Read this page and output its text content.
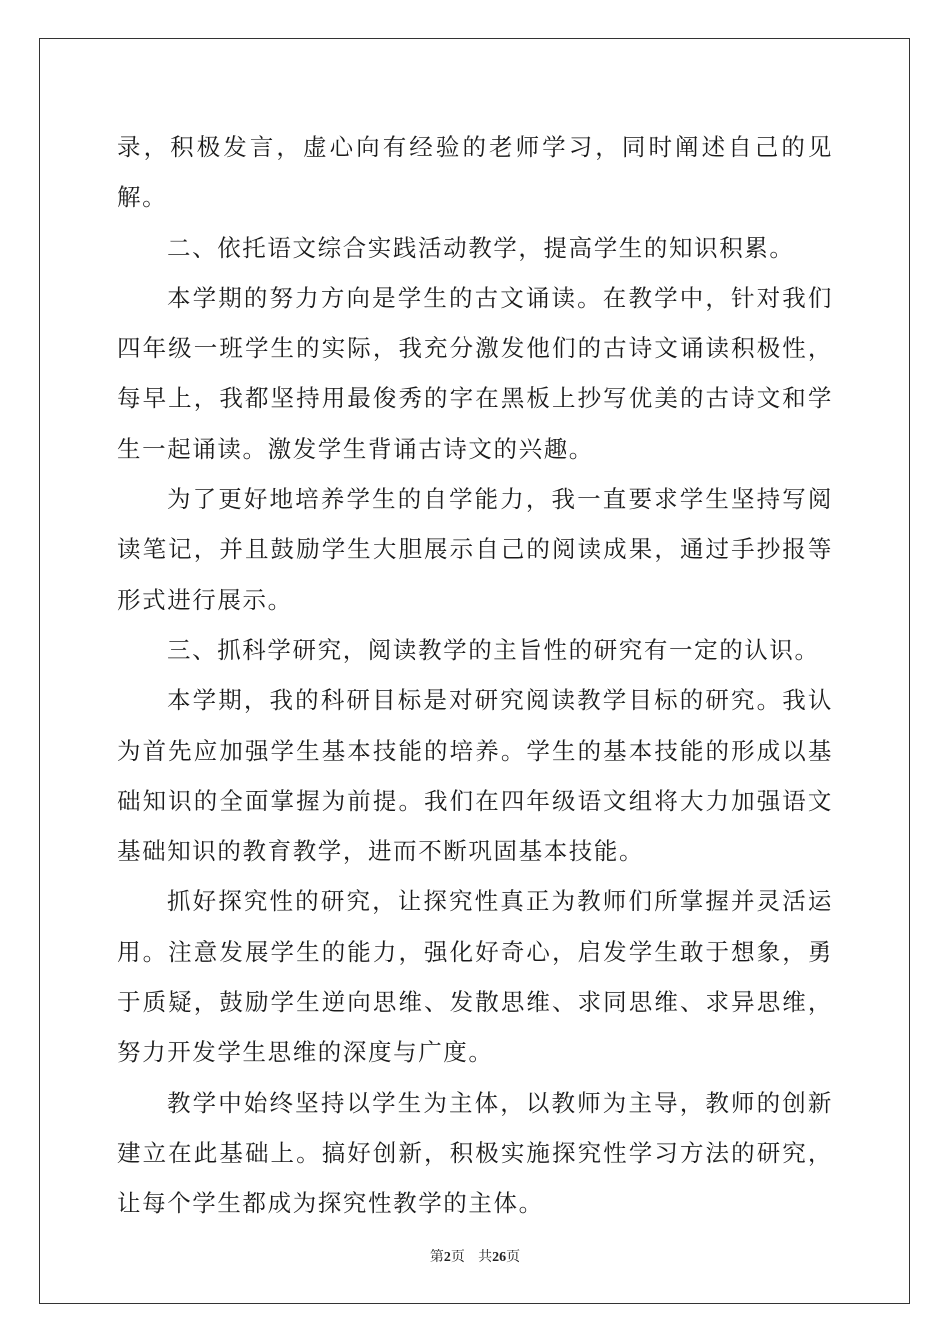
录，积极发言，虚心向有经验的老师学习，同时阐述自己的见解。

二、依托语文综合实践活动教学，提高学生的知识积累。

本学期的努力方向是学生的古文诵读。在教学中，针对我们四年级一班学生的实际，我充分激发他们的古诗文诵读积极性，每早上，我都坚持用最俊秀的字在黑板上抄写优美的古诗文和学生一起诵读。激发学生背诵古诗文的兴趣。

为了更好地培养学生的自学能力，我一直要求学生坚持写阅读笔记，并且鼓励学生大胆展示自己的阅读成果，通过手抄报等形式进行展示。

三、抓科学研究，阅读教学的主旨性的研究有一定的认识。

本学期，我的科研目标是对研究阅读教学目标的研究。我认为首先应加强学生基本技能的培养。学生的基本技能的形成以基础知识的全面掌握为前提。我们在四年级语文组将大力加强语文基础知识的教育教学，进而不断巩固基本技能。

抓好探究性的研究，让探究性真正为教师们所掌握并灵活运用。注意发展学生的能力，强化好奇心，启发学生敢于想象，勇于质疑，鼓励学生逆向思维、发散思维、求同思维、求异思维，努力开发学生思维的深度与广度。

教学中始终坚持以学生为主体，以教师为主导，教师的创新建立在此基础上。搞好创新，积极实施探究性学习方法的研究，让每个学生都成为探究性教学的主体。

第2页 共26页
